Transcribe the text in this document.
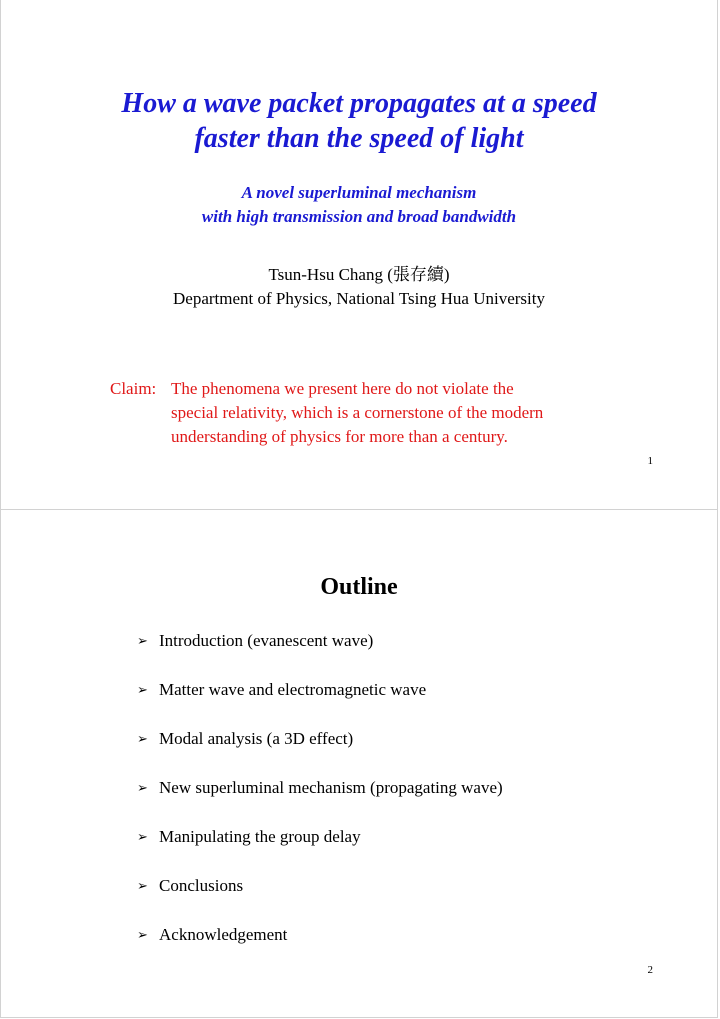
How a wave packet propagates at a speed
faster than the speed of light
A novel superluminal mechanism
with high transmission and broad bandwidth
Tsun-Hsu Chang (張存續)
Department of Physics, National Tsing Hua University
Claim: The phenomena we present here do not violate the
special relativity, which is a cornerstone of the modern
understanding of physics for more than a century.
1
Outline
➢ Introduction (evanescent wave)
➢ Matter wave and electromagnetic wave
➢ Modal analysis (a 3D effect)
➢ New superluminal mechanism (propagating wave)
➢ Manipulating the group delay
➢ Conclusions
➢ Acknowledgement
2
